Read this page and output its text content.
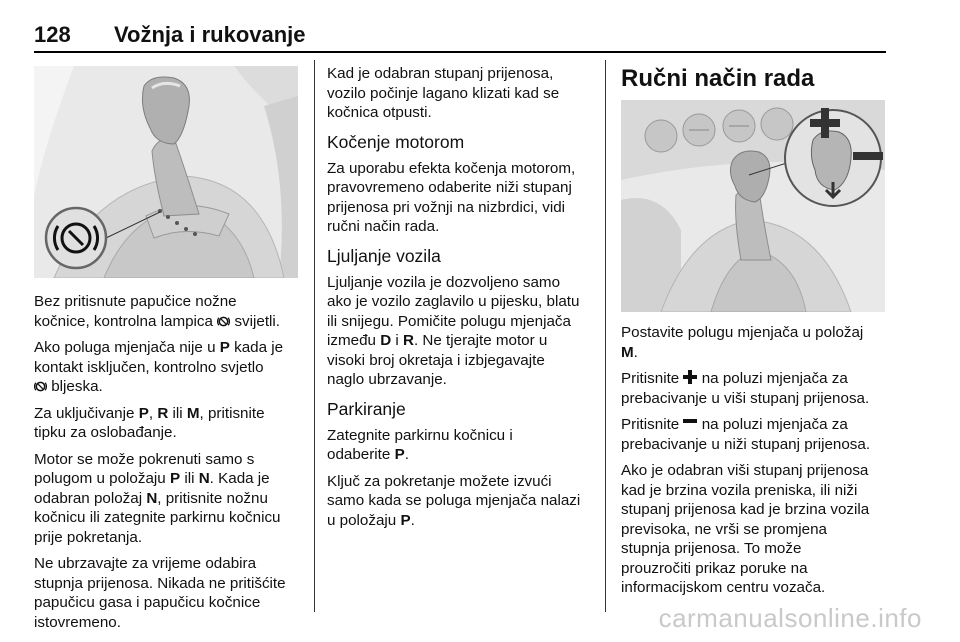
128 Vožnja i rukovanje

Bez pritisnute papučice nožne
kočnice, kontrolna lampica svijetli.

Ako poluga mjenjača nije u P kada je
kontakt isključen, kontrolno svjetlo
bljeska.

Za uključivanje P, R ili M, pritisnite
tipku za oslobađanje.

Motor se može pokrenuti samo s
polugom u položaju P ili N. Kada je
odabran položaj N, pritisnite nožnu
kočnicu ili zategnite parkirnu kočnicu
prije pokretanja.

Ne ubrzavajte za vrijeme odabira
stupnja prijenosa. Nikada ne pritišćite
papučicu gasa i papučicu kočnice
istovremeno.

Kad je odabran stupanj prijenosa,
vozilo počinje lagano klizati kad se
kočnica otpusti.

Kočenje motorom

Za uporabu efekta kočenja motorom,
pravovremeno odaberite niži stupanj
prijenosa pri vožnji na nizbrdici, vidi
ručni način rada.

Ljuljanje vozila

Ljuljanje vozila je dozvoljeno samo
ako je vozilo zaglavilo u pijesku, blatu
ili snijegu. Pomičite polugu mjenjača
između D i R. Ne tjerajte motor u
visoki broj okretaja i izbjegavajte
naglo ubrzavanje.

Parkiranje

Zategnite parkirnu kočnicu i
odaberite P.

Ključ za pokretanje možete izvući
samo kada se poluga mjenjača nalazi
u položaju P.

Ručni način rada

Postavite polugu mjenjača u položaj
M.

Pritisnite na poluzi mjenjača za
prebacivanje u viši stupanj prijenosa.

Pritisnite na poluzi mjenjača za
prebacivanje u niži stupanj prijenosa.

Ako je odabran viši stupanj prijenosa
kad je brzina vozila preniska, ili niži
stupanj prijenosa kad je brzina vozila
previsoka, ne vrši se promjena
stupnja prijenosa. To može
prouzročiti prikaz poruke na
informacijskom centru vozača.

carmanualsonline.info
